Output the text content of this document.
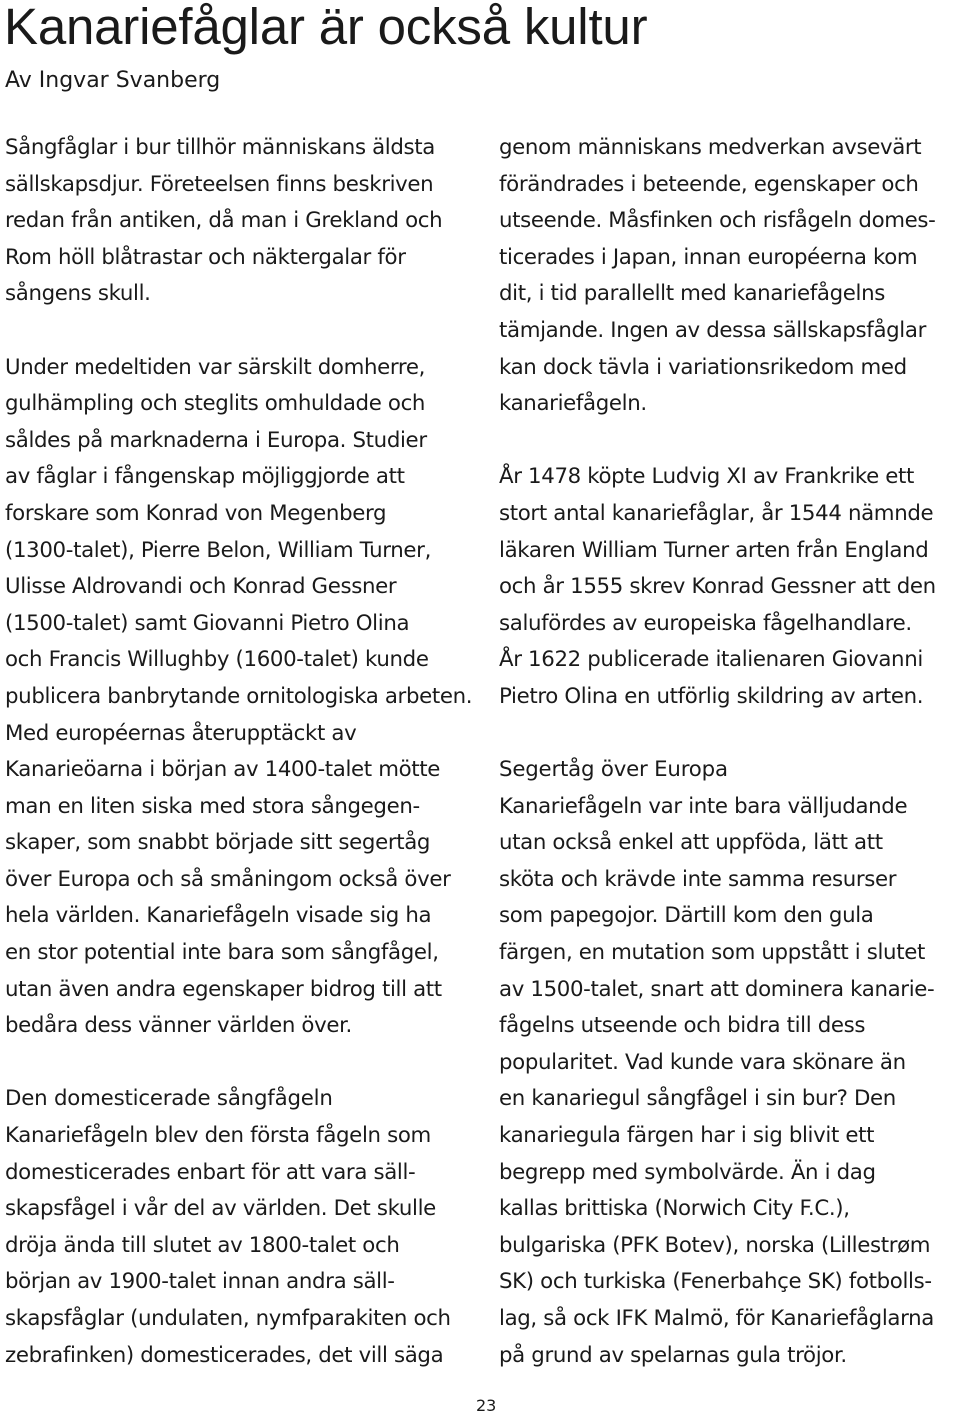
Kanariefåglar är också kultur
Av Ingvar Svanberg

Sångfåglar i bur tillhör människans äldsta
sällskapsdjur. Företeelsen finns beskriven
redan från antiken, då man i Grekland och
Rom höll blåtrastar och näktergalar för
sångens skull.

Under medeltiden var särskilt domherre,
gulhämpling och steglits omhuldade och
såldes på marknaderna i Europa. Studier
av fåglar i fångenskap möjliggjorde att
forskare som Konrad von Megenberg
(1300-talet), Pierre Belon, William Turner,
Ulisse Aldrovandi och Konrad Gessner
(1500-talet) samt Giovanni Pietro Olina
och Francis Willughby (1600-talet) kunde
publicera banbrytande ornitologiska arbeten.
Med européernas återupptäckt av
Kanarieöarna i början av 1400-talet mötte
man en liten siska med stora sångegen-
skaper, som snabbt började sitt segertåg
över Europa och så småningom också över
hela världen. Kanariefågeln visade sig ha
en stor potential inte bara som sångfågel,
utan även andra egenskaper bidrog till att
bedåra dess vänner världen över.

Den domesticerade sångfågeln

Kanariefågeln blev den första fågeln som
domesticerades enbart för att vara säll-
skapsfågel i vår del av världen. Det skulle
dröja ända till slutet av 1800-talet och
början av 1900-talet innan andra säll-
skapsfåglar (undulaten, nymfparakiten och
zebrafinken) domesticerades, det vill säga

genom människans medverkan avsevärt
förändrades i beteende, egenskaper och
utseende. Måsfinken och risfågeln domes-
ticerades i Japan, innan européerna kom
dit, i tid parallellt med kanariefågelns
tämjande. Ingen av dessa sällskapsfåglar
kan dock tävla i variationsrikedom med
kanariefågeln.

År 1478 köpte Ludvig XI av Frankrike ett
stort antal kanariefåglar, år 1544 nämnde
läkaren William Turner arten från England
och år 1555 skrev Konrad Gessner att den
salufördes av europeiska fågelhandlare.
År 1622 publicerade italienaren Giovanni
Pietro Olina en utförlig skildring av arten.

Segertåg över Europa

Kanariefågeln var inte bara välljudande
utan också enkel att uppföda, lätt att
sköta och krävde inte samma resurser
som papegojor. Därtill kom den gula
färgen, en mutation som uppstått i slutet
av 1500-talet, snart att dominera kanarie-
fågelns utseende och bidra till dess
popularitet. Vad kunde vara skönare än
en kanariegul sångfågel i sin bur? Den
kanariegula färgen har i sig blivit ett
begrepp med symbolvärde. Än i dag
kallas brittiska (Norwich City F.C.),
bulgariska (PFK Botev), norska (Lillestrøm
SK) och turkiska (Fenerbahçe SK) fotbolls-
lag, så ock IFK Malmö, för Kanariefåglarna
på grund av spelarnas gula tröjor.

23
